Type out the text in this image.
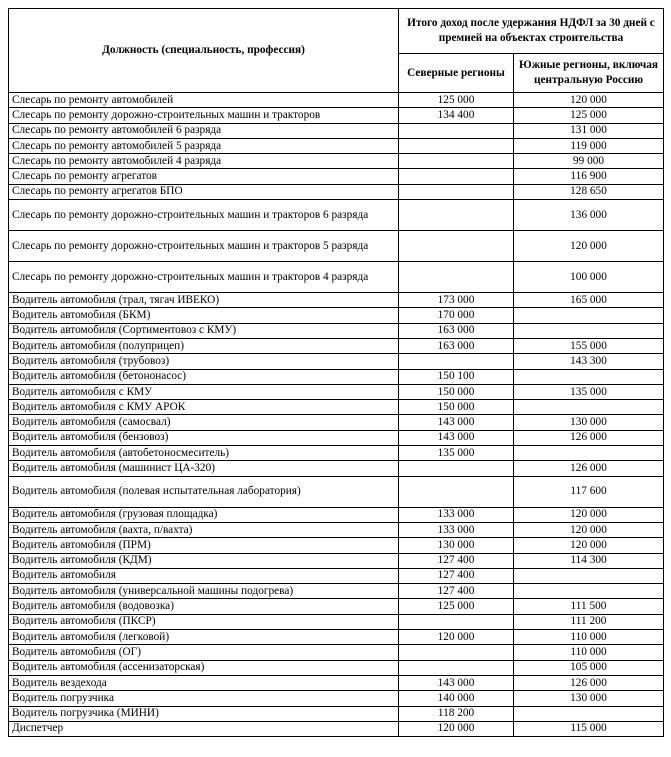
Должность (специальность, профессия)	Итого доход после удержания НДФЛ за 30 дней с премией на объектах строительства	
	Северные регионы	Южные регионы, включая центральную Россию
Слесарь по ремонту автомобилей	125 000	120 000
Слесарь по ремонту дорожно-строительных машин и тракторов	134 400	125 000
Слесарь по ремонту автомобилей 6 разряда		131 000
Слесарь по ремонту автомобилей 5 разряда		119 000
Слесарь по ремонту автомобилей 4 разряда		99 000
Слесарь по ремонту агрегатов		116 900
Слесарь по ремонту агрегатов БПО		128 650
Слесарь по ремонту дорожно-строительных машин и тракторов 6 разряда		136 000
Слесарь по ремонту дорожно-строительных машин и тракторов 5 разряда		120 000
Слесарь по ремонту дорожно-строительных машин и тракторов 4 разряда		100 000
Водитель автомобиля (трал, тягач ИВЕКО)	173 000	165 000
Водитель автомобиля (БКМ)	170 000	
Водитель автомобиля (Сортиментовоз с КМУ)	163 000	
Водитель автомобиля (полуприцеп)	163 000	155 000
Водитель автомобиля (трубовоз)		143 300
Водитель автомобиля (бетононасос)	150 100	
Водитель автомобиля с КМУ	150 000	135 000
Водитель автомобиля с КМУ АРОК	150 000	
Водитель автомобиля (самосвал)	143 000	130 000
Водитель автомобиля (бензовоз)	143 000	126 000
Водитель автомобиля (автобетоносмеситель)	135 000	
Водитель автомобиля (машинист ЦА-320)		126 000
Водитель автомобиля (полевая испытательная лаборатория)		117 600
Водитель автомобиля (грузовая площадка)	133 000	120 000
Водитель автомобиля (вахта, п/вахта)	133 000	120 000
Водитель автомобиля (ПРМ)	130 000	120 000
Водитель автомобиля (КДМ)	127 400	114 300
Водитель автомобиля	127 400	
Водитель автомобиля (универсальной машины подогрева)	127 400	
Водитель автомобиля (водовозка)	125 000	111 500
Водитель автомобиля (ПКСР)		111 200
Водитель автомобиля (легковой)	120 000	110 000
Водитель автомобиля (ОГ)		110 000
Водитель автомобиля (ассенизаторская)		105 000
Водитель вездехода	143 000	126 000
Водитель погрузчика	140 000	130 000
Водитель погрузчика (МИНИ)	118 200	
Диспетчер	120 000	115 000
